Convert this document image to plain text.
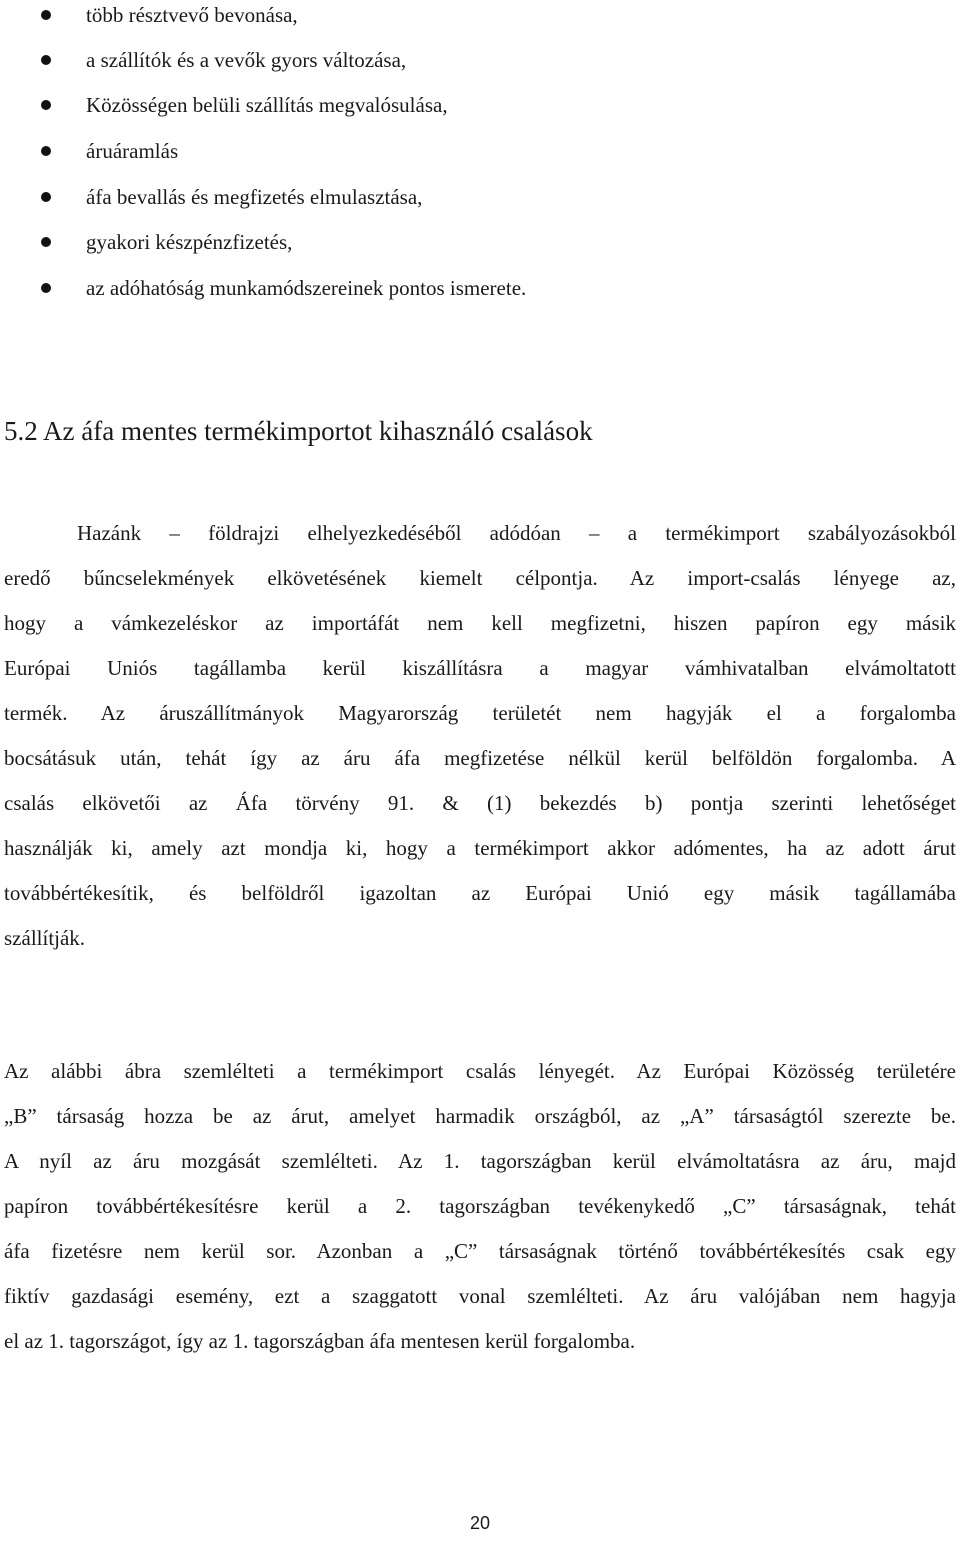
több résztvevő bevonása,
a szállítók és a vevők gyors változása,
Közösségen belüli szállítás megvalósulása,
áruáramlás
áfa bevallás és megfizetés elmulasztása,
gyakori készpénzfizetés,
az adóhatóság munkamódszereinek pontos ismerete.
5.2 Az áfa mentes termékimportot kihasználó csalások
Hazánk – földrajzi elhelyezkedéséből adódóan – a termékimport szabályozásokból
eredő bűncselekmények elkövetésének kiemelt célpontja. Az import-csalás lényege az,
hogy a vámkezeléskor az importáfát nem kell megfizetni, hiszen papíron egy másik
Európai Uniós tagállamba kerül kiszállításra a magyar vámhivatalban elvámoltatott
termék. Az áruszállítmányok Magyarország területét nem hagyják el a forgalomba
bocsátásuk után, tehát így az áru áfa megfizetése nélkül kerül belföldön forgalomba. A
csalás elkövetői az Áfa törvény 91. & (1) bekezdés b) pontja szerinti lehetőséget
használják ki, amely azt mondja ki, hogy a termékimport akkor adómentes, ha az adott árut
továbbértékesítik, és belföldről igazoltan az Európai Unió egy másik tagállamába
szállítják.
Az alábbi ábra szemlélteti a termékimport csalás lényegét. Az Európai Közösség területére
„B” társaság hozza be az árut, amelyet harmadik országból, az „A” társaságtól szerezte be.
A nyíl az áru mozgását szemlélteti. Az 1. tagországban kerül elvámoltatásra az áru, majd
papíron továbbértékesítésre kerül a 2. tagországban tevékenykedő „C” társaságnak, tehát
áfa fizetésre nem kerül sor. Azonban a „C” társaságnak történő továbbértékesítés csak egy
fiktív gazdasági esemény, ezt a szaggatott vonal szemlélteti. Az áru valójában nem hagyja
el az 1. tagországot, így az 1. tagországban áfa mentesen kerül forgalomba.
20
